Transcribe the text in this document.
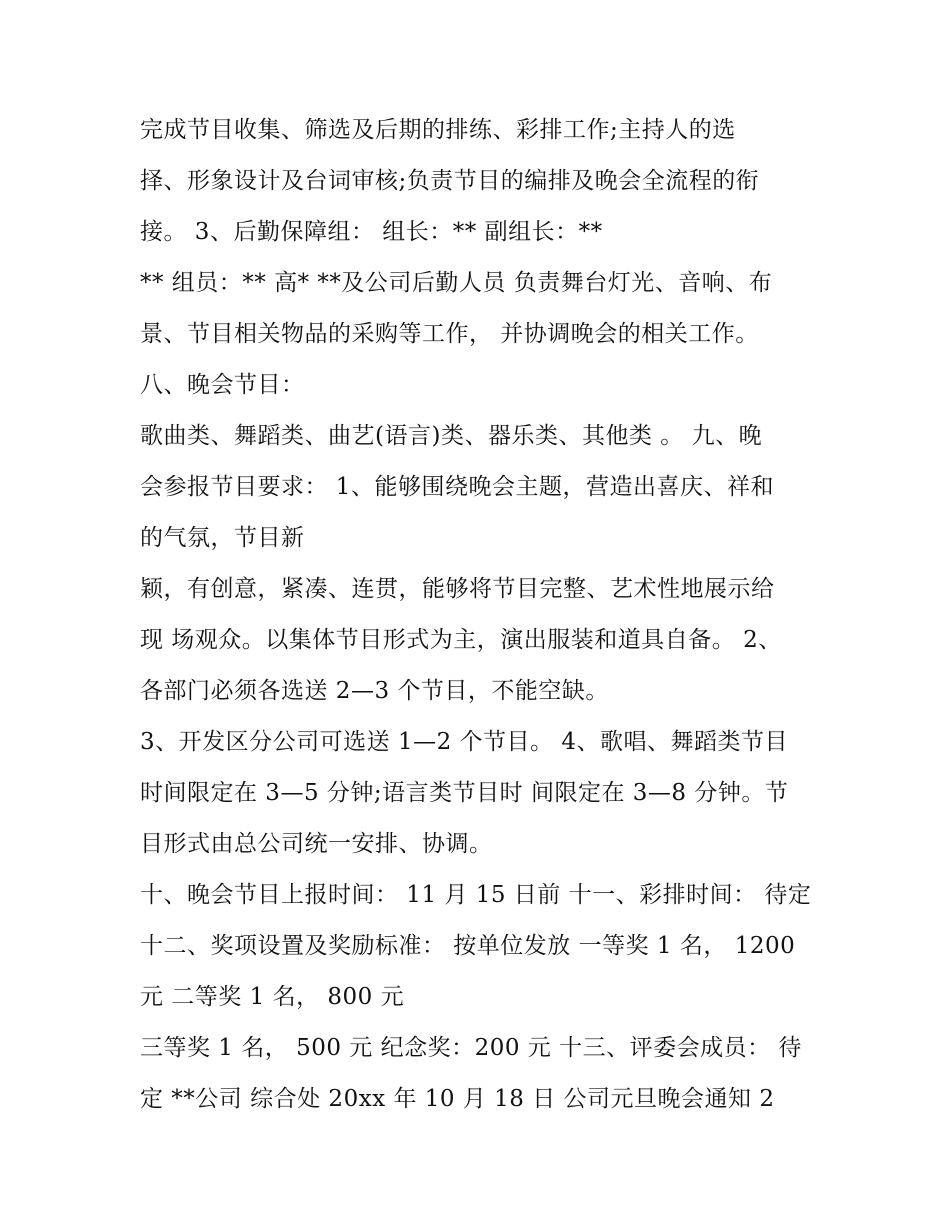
完成节目收集、筛选及后期的排练、彩排工作;主持人的选
择、形象设计及台词审核;负责节目的编排及晚会全流程的衔
接。 3、后勤保障组： 组长：** 副组长：**
** 组员：** 高* **及公司后勤人员 负责舞台灯光、音响、布
景、节目相关物品的采购等工作， 并协调晚会的相关工作。
八、晚会节目：
歌曲类、舞蹈类、曲艺(语言)类、器乐类、其他类 。 九、晚
会参报节目要求： 1、能够围绕晚会主题，营造出喜庆、祥和
的气氛，节目新
颖，有创意，紧凑、连贯，能够将节目完整、艺术性地展示给
现 场观众。以集体节目形式为主，演出服装和道具自备。 2、
各部门必须各选送 2—3 个节目，不能空缺。
3、开发区分公司可选送 1—2 个节目。 4、歌唱、舞蹈类节目
时间限定在 3—5 分钟;语言类节目时 间限定在 3—8 分钟。节
目形式由总公司统一安排、协调。
十、晚会节目上报时间： 11 月 15 日前 十一、彩排时间： 待定
十二、奖项设置及奖励标准： 按单位发放 一等奖 1 名， 1200
元 二等奖 1 名， 800 元
三等奖 1 名， 500 元 纪念奖：200 元 十三、评委会成员： 待
定 **公司 综合处 20xx 年 10 月 18 日 公司元旦晚会通知 2
